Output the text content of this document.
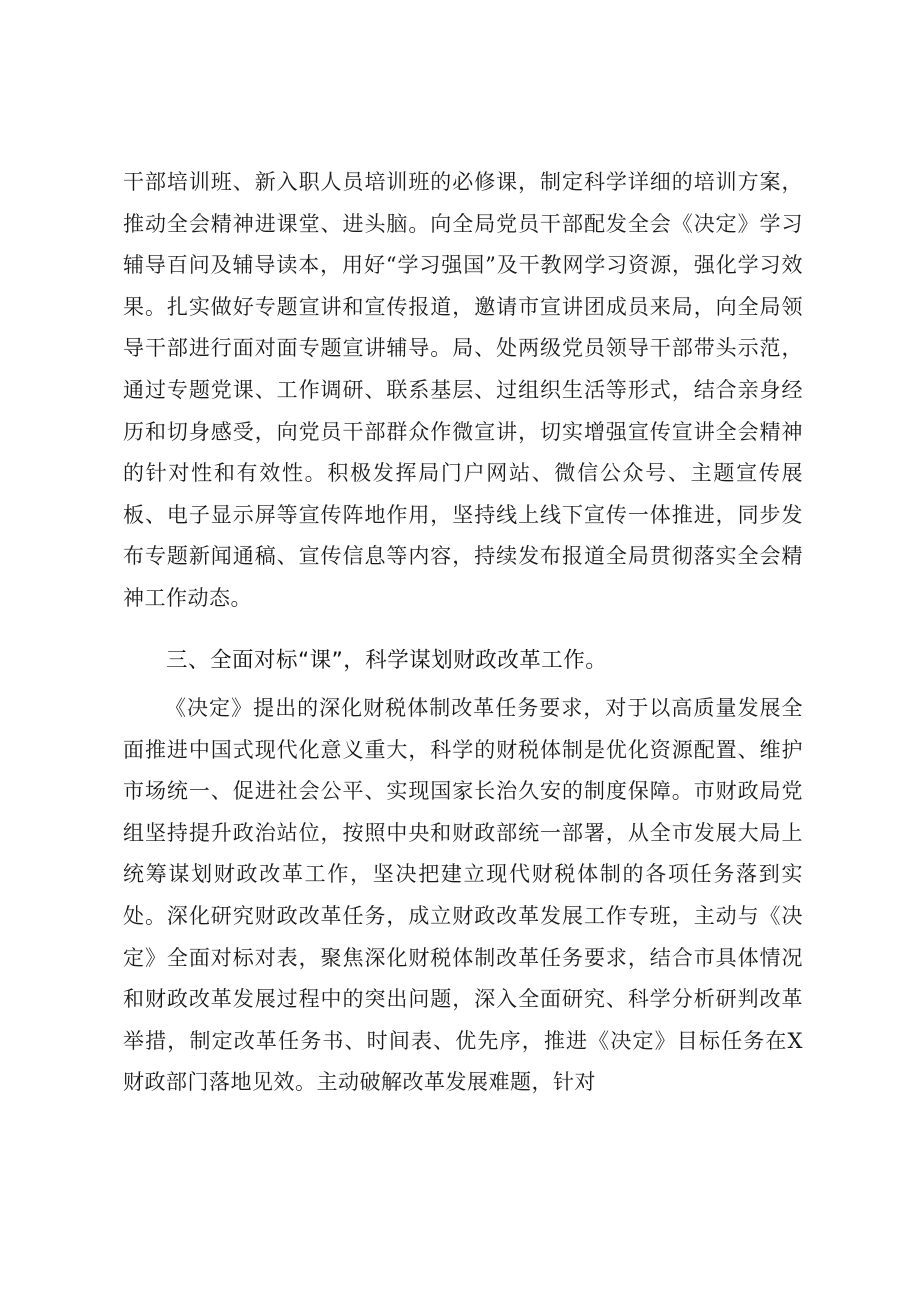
干部培训班、新入职人员培训班的必修课，制定科学详细的培训方案，推动全会精神进课堂、进头脑。向全局党员干部配发全会《决定》学习辅导百问及辅导读本，用好“学习强国”及干教网学习资源，强化学习效果。扎实做好专题宣讲和宣传报道，邀请市宣讲团成员来局，向全局领导干部进行面对面专题宣讲辅导。局、处两级党员领导干部带头示范，通过专题党课、工作调研、联系基层、过组织生活等形式，结合亲身经历和切身感受，向党员干部群众作微宣讲，切实增强宣传宣讲全会精神的针对性和有效性。积极发挥局门户网站、微信公众号、主题宣传展板、电子显示屏等宣传阵地作用，坚持线上线下宣传一体推进，同步发布专题新闻通稿、宣传信息等内容，持续发布报道全局贯彻落实全会精神工作动态。

三、全面对标“课”，科学谋划财政改革工作。

《决定》提出的深化财税体制改革任务要求，对于以高质量发展全面推进中国式现代化意义重大，科学的财税体制是优化资源配置、维护市场统一、促进社会公平、实现国家长治久安的制度保障。市财政局党组坚持提升政治站位，按照中央和财政部统一部署，从全市发展大局上统筹谋划财政改革工作，坚决把建立现代财税体制的各项任务落到实处。深化研究财政改革任务，成立财政改革发展工作专班，主动与《决定》全面对标对表，聚焦深化财税体制改革任务要求，结合市具体情况和财政改革发展过程中的突出问题，深入全面研究、科学分析研判改革举措，制定改革任务书、时间表、优先序，推进《决定》目标任务在X财政部门落地见效。主动破解改革发展难题，针对
